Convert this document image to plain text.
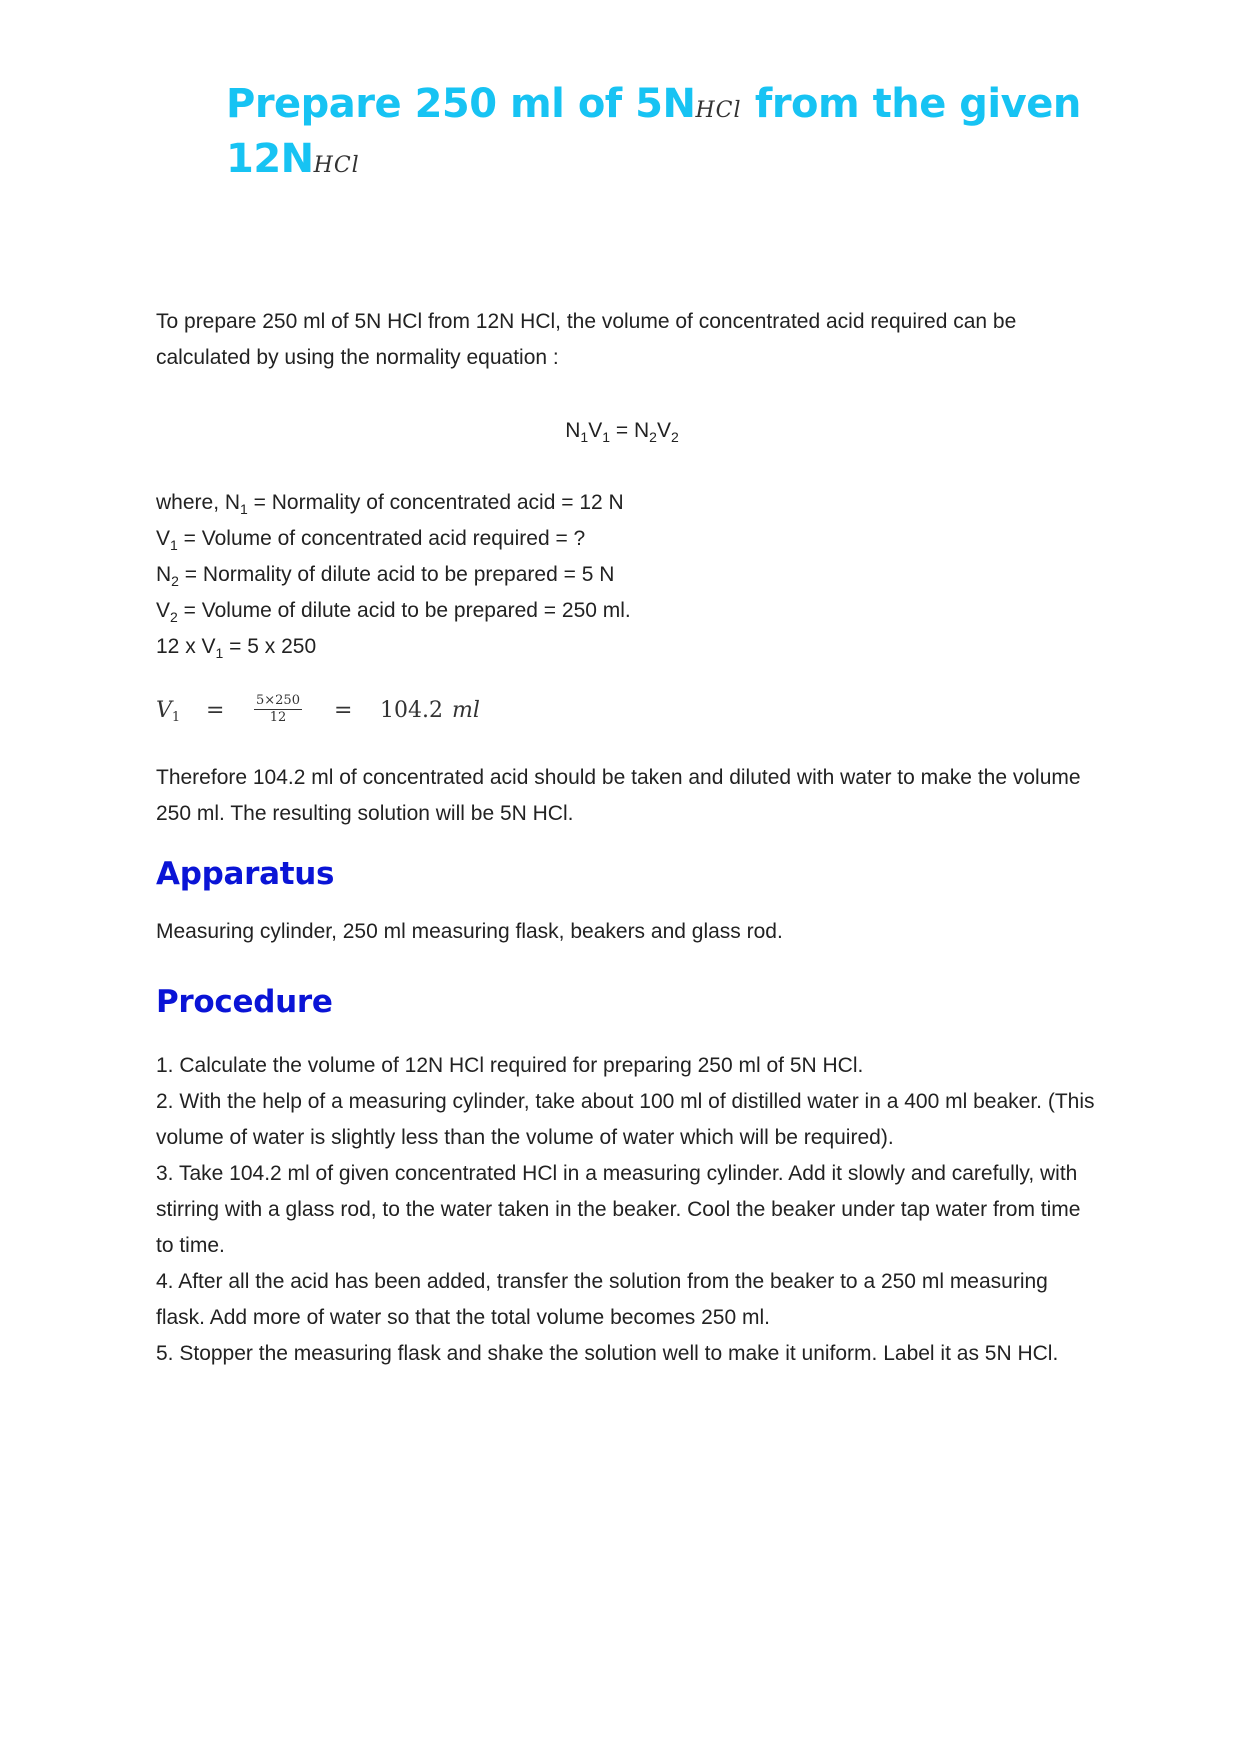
Prepare 250 ml of 5NHCl from the given
12NHCl
To prepare 250 ml of 5N HCl from 12N HCl, the volume of concentrated acid required can be calculated by using the normality equation :
$N_1V_1 = N_2V_2$
where, $N_1$ = Normality of concentrated acid = 12 N
$V_1$ = Volume of concentrated acid required = ?
$N_2$ = Normality of dilute acid to be prepared = 5 N
$V_2$ = Volume of dilute acid to be prepared = 250 ml.
12 x $V_1 = 5$ x 250
$V_1 = \frac{5\times 250}{12} = 104.2$ ml
Therefore 104.2 ml of concentrated acid should be taken and diluted with water to make the volume 250 ml. The resulting solution will be 5N HCl.
Apparatus
Measuring cylinder, 250 ml measuring flask, beakers and glass rod.
Procedure
1. Calculate the volume of 12N HCl required for preparing 250 ml of 5N HCl.
2. With the help of a measuring cylinder, take about 100 ml of distilled water in a 400 ml beaker. (This volume of water is slightly less than the volume of water which will be required).
3. Take 104.2 ml of given concentrated HCl in a measuring cylinder. Add it slowly and carefully, with stirring with a glass rod, to the water taken in the beaker. Cool the beaker under tap water from time to time.
4. After all the acid has been added, transfer the solution from the beaker to a 250 ml measuring flask. Add more of water so that the total volume becomes 250 ml.
5. Stopper the measuring flask and shake the solution well to make it uniform. Label it as 5N HCl.
